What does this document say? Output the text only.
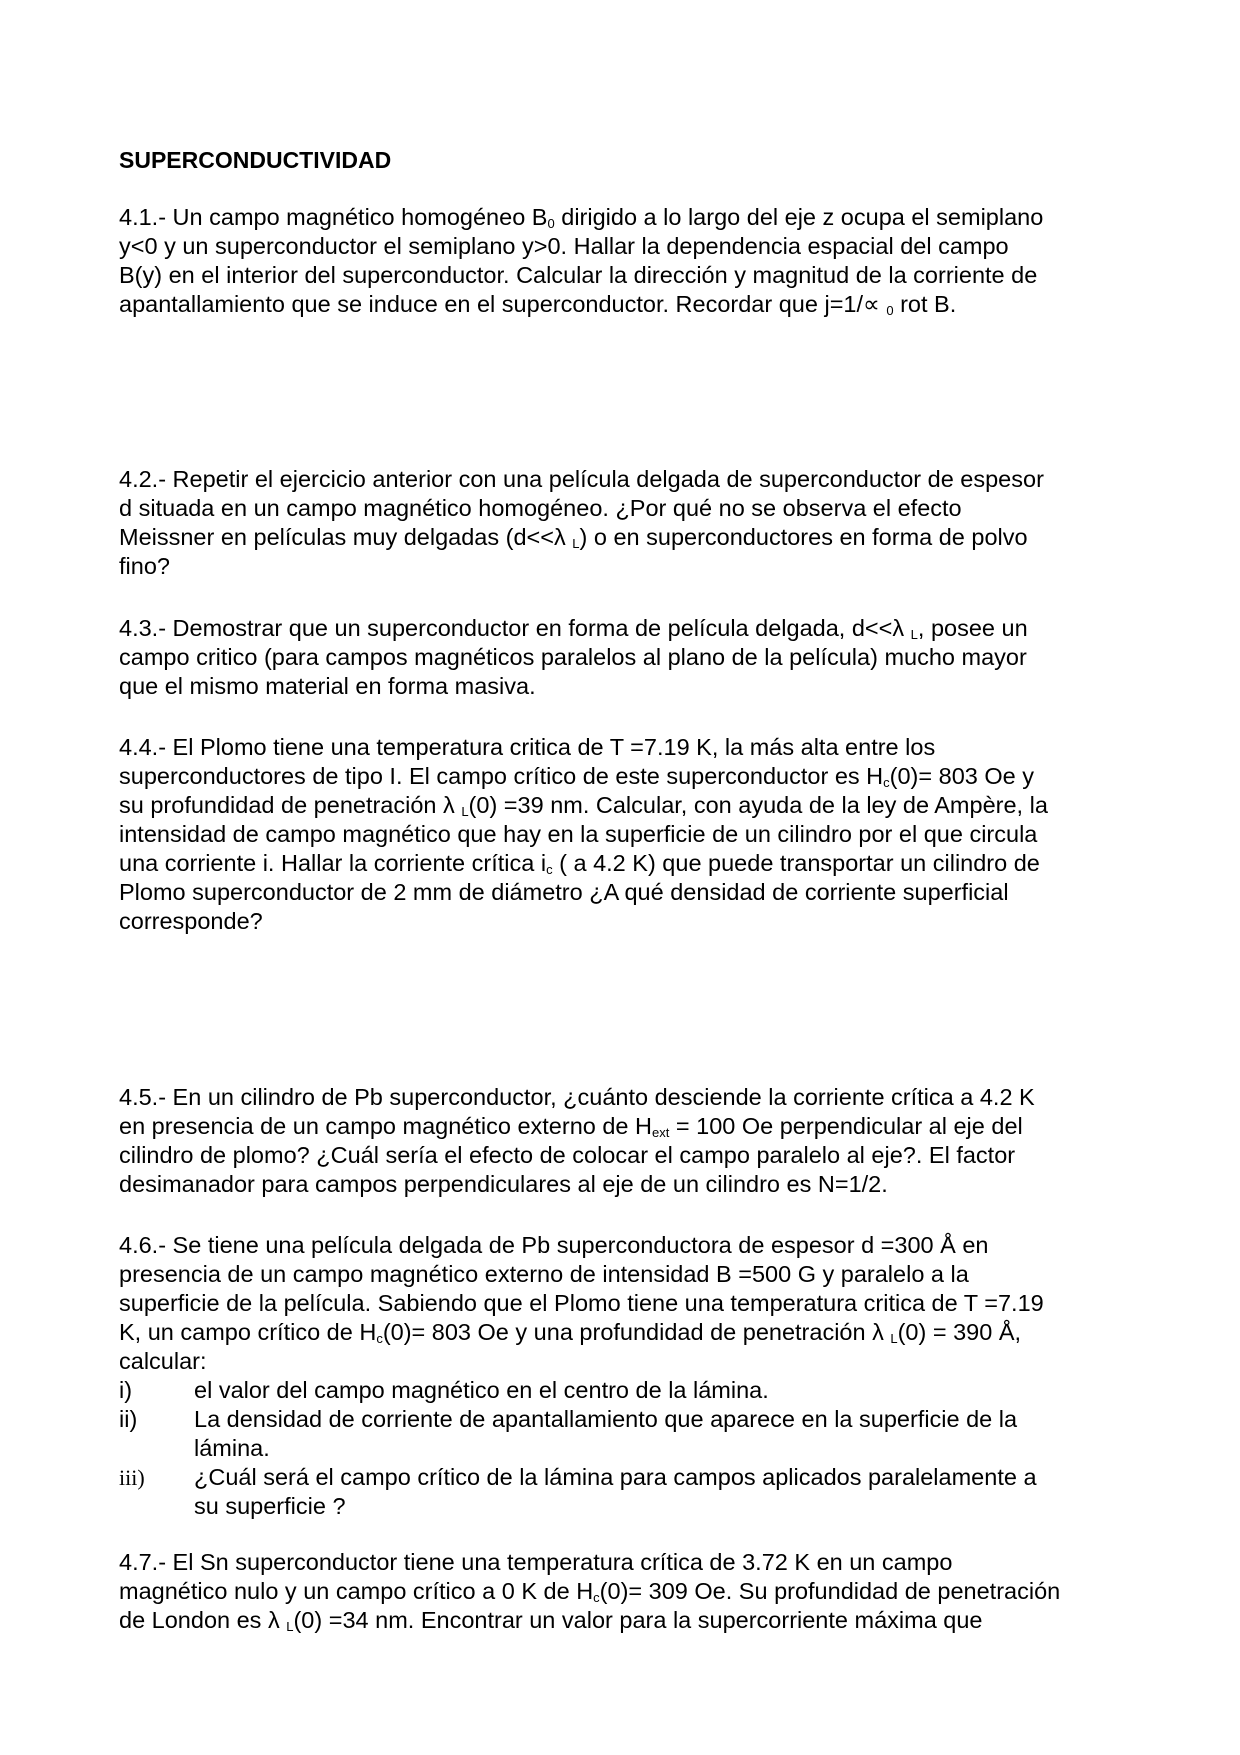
SUPERCONDUCTIVIDAD
4.1.- Un campo magnético homogéneo $B_0$ dirigido a lo largo del eje z ocupa el semiplano
y<0 y un superconductor el semiplano y>0. Hallar la dependencia espacial del campo
B(y) en el interior del superconductor. Calcular la dirección y magnitud de la corriente de
apantallamiento que se induce en el superconductor. Recordar que j=1/∝ $_0$ rot B.
4.2.- Repetir el ejercicio anterior con una película delgada de superconductor de espesor
d situada en un campo magnético homogéneo. ¿Por qué no se observa el efecto
Meissner en películas muy delgadas (d<<λ $_L$) o en superconductores en forma de polvo
fino?
4.3.- Demostrar que un superconductor en forma de película delgada, d<<λ $_L$, posee un
campo critico (para campos magnéticos paralelos al plano de la película) mucho mayor
que el mismo material en forma masiva.
4.4.- El Plomo tiene una temperatura critica de T =7.19 K, la más alta entre los
superconductores de tipo I. El campo crítico de este superconductor es $H_c(0)= 803$ Oe y
su profundidad de penetración λ $_L$(0) =39 nm. Calcular, con ayuda de la ley de Ampère, la
intensidad de campo magnético que hay en la superficie de un cilindro por el que circula
una corriente i. Hallar la corriente crítica $i_c$ ( a 4.2 K) que puede transportar un cilindro de
Plomo superconductor de 2 mm de diámetro ¿A qué densidad de corriente superficial
corresponde?
4.5.- En un cilindro de Pb superconductor, ¿cuánto desciende la corriente crítica a 4.2 K
en presencia de un campo magnético externo de $H_{ext} = 100$ Oe perpendicular al eje del
cilindro de plomo? ¿Cuál sería el efecto de colocar el campo paralelo al eje?. El factor
desimanador para campos perpendiculares al eje de un cilindro es N=1/2.
4.6.- Se tiene una película delgada de Pb superconductora de espesor d =300 Å en
presencia de un campo magnético externo de intensidad B =500 G y paralelo a la
superficie de la película. Sabiendo que el Plomo tiene una temperatura critica de T =7.19
K, un campo crítico de $H_c(0)= 803$ Oe y una profundidad de penetración λ $_L$(0) = 390 Å,
calcular:
i)	el valor del campo magnético en el centro de la lámina.
ii) La densidad de corriente de apantallamiento que aparece en la superficie de la
lámina.
iii) ¿Cuál será el campo crítico de la lámina para campos aplicados paralelamente a
su superficie ?
4.7.- El Sn superconductor tiene una temperatura crítica de 3.72 K en un campo
magnético nulo y un campo crítico a 0 K de $H_c(0)= 309$ Oe. Su profundidad de penetración
de London es λ $_L$(0) =34 nm. Encontrar un valor para la supercorriente máxima que
